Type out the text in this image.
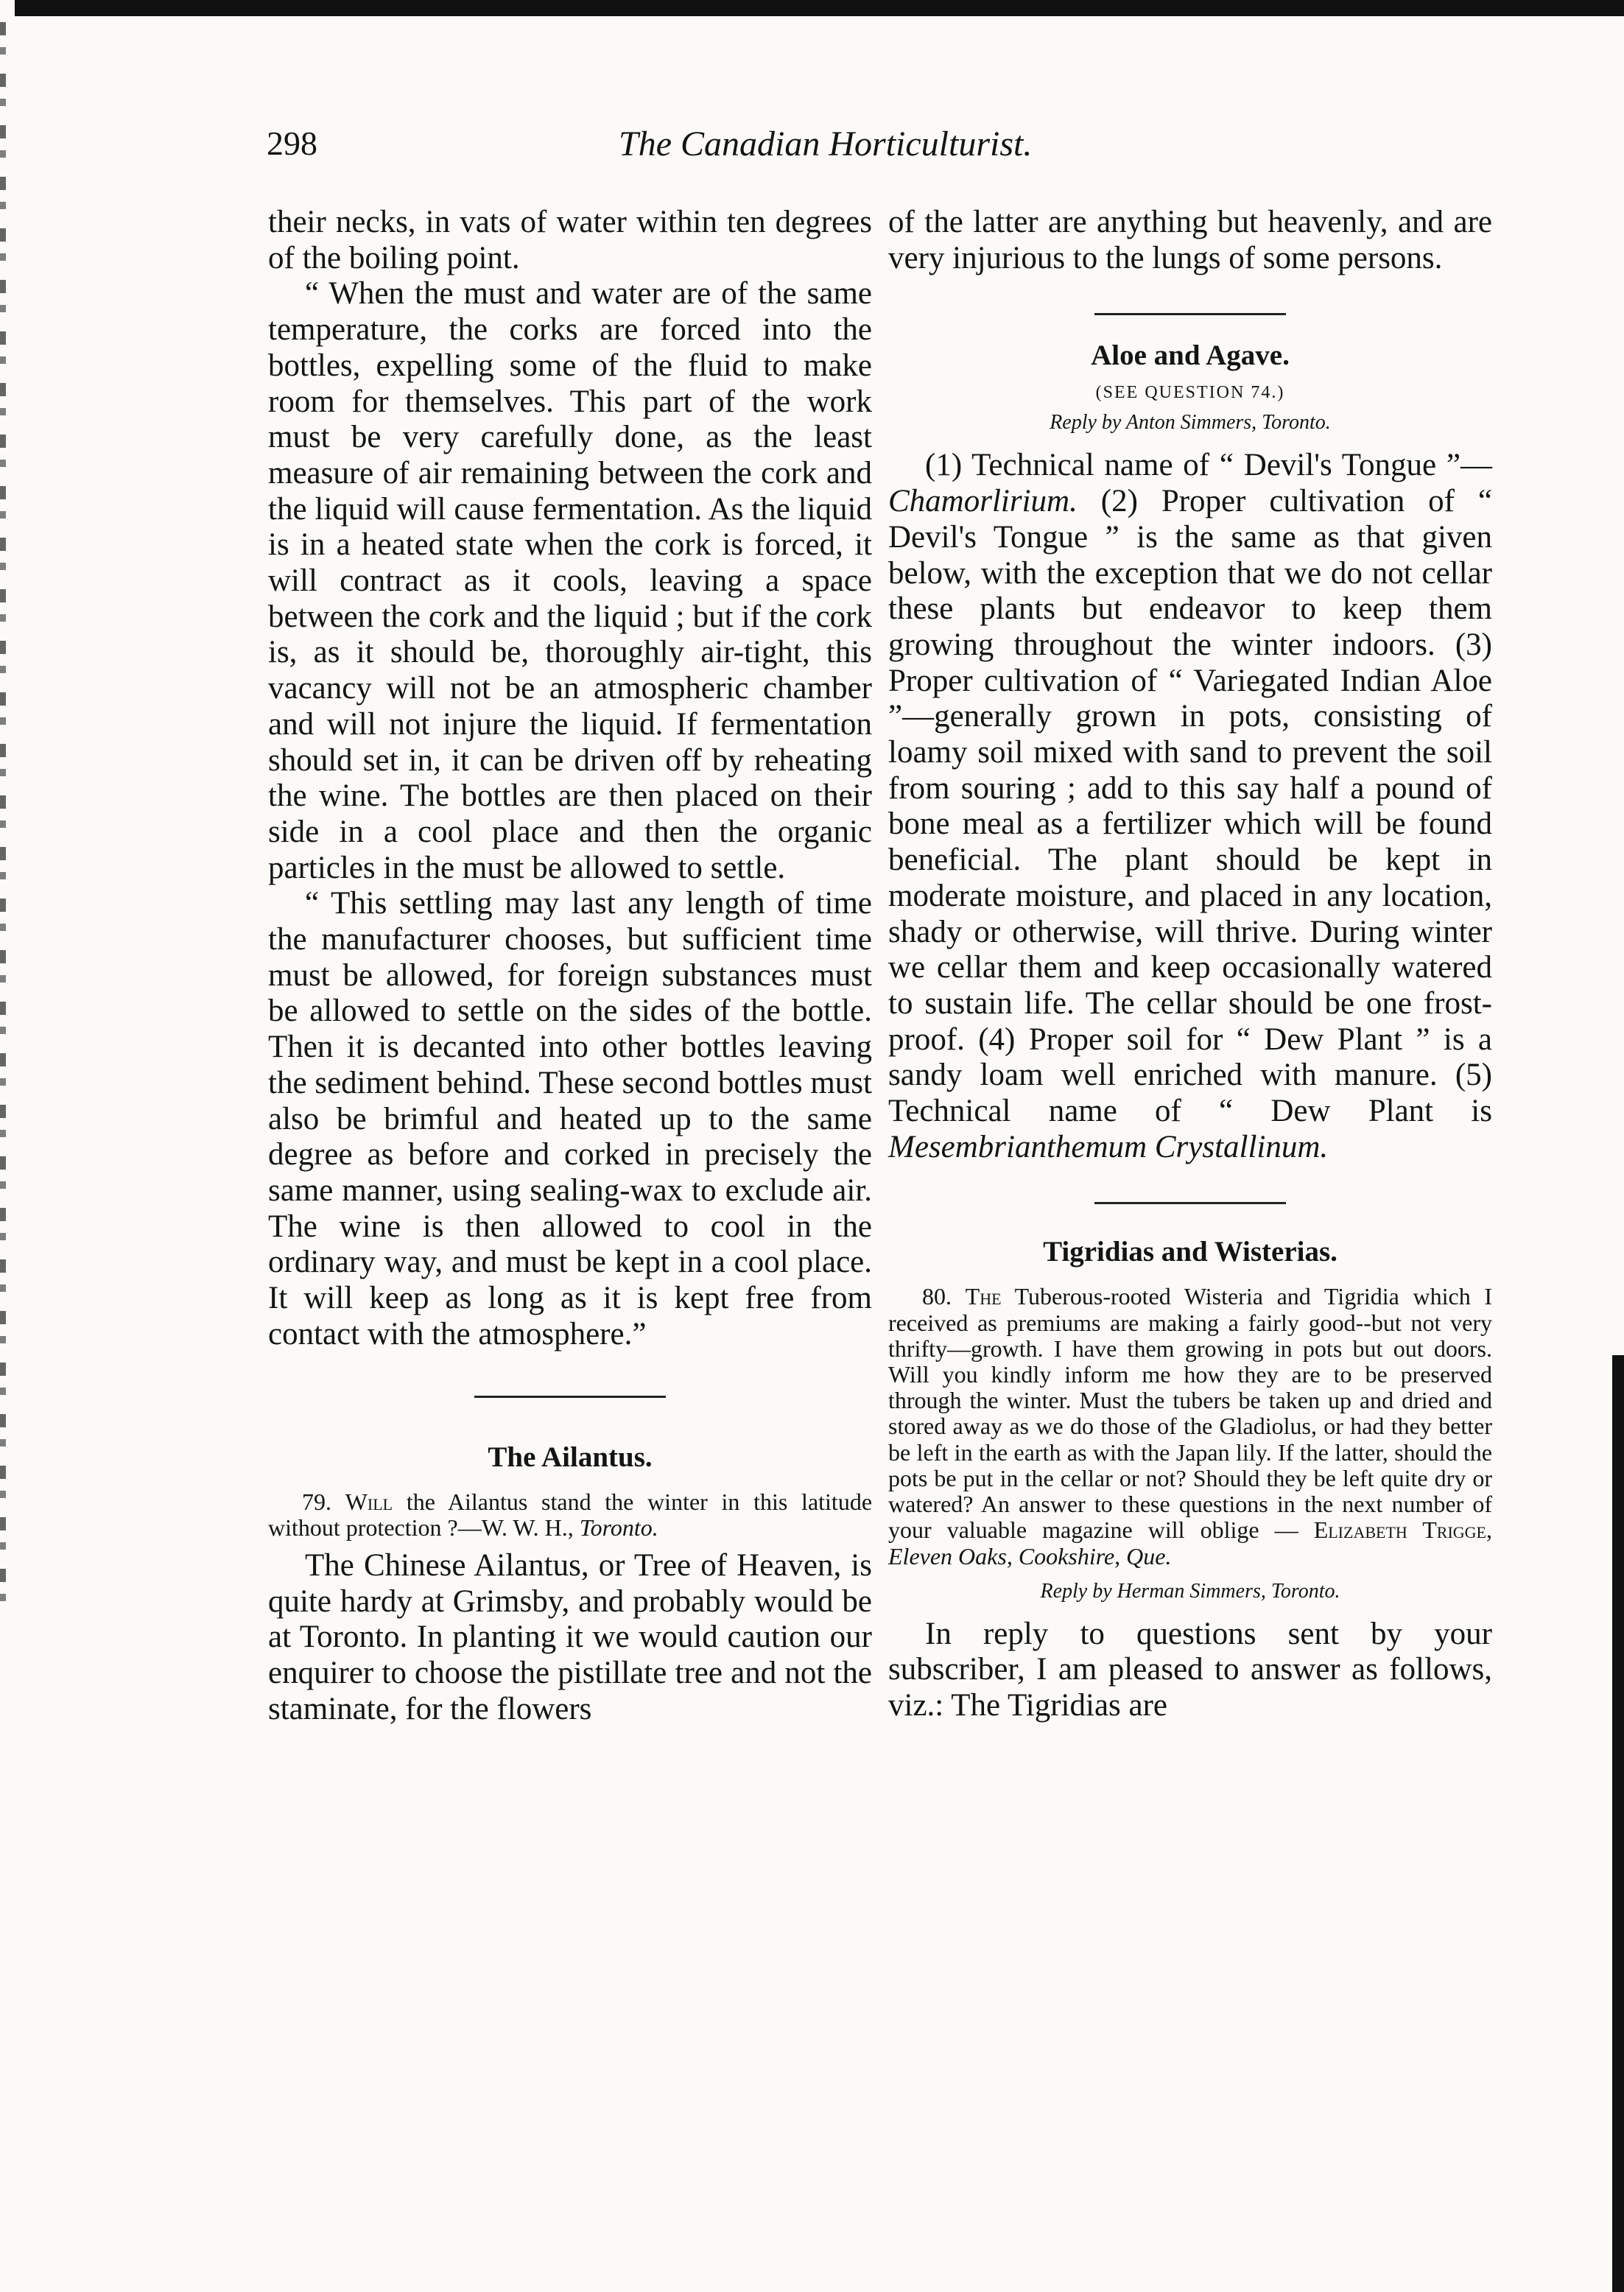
298	The Canadian Horticulturist.

their necks, in vats of water within ten degrees of the boiling point.

“ When the must and water are of the same temperature, the corks are forced into the bottles, expelling some of the fluid to make room for themselves. This part of the work must be very carefully done, as the least measure of air remaining between the cork and the liquid will cause fermentation. As the liquid is in a heated state when the cork is forced, it will contract as it cools, leaving a space between the cork and the liquid ; but if the cork is, as it should be, thoroughly air-tight, this vacancy will not be an atmospheric chamber and will not injure the liquid. If fermentation should set in, it can be driven off by reheating the wine. The bottles are then placed on their side in a cool place and then the organic particles in the must be allowed to settle.

“ This settling may last any length of time the manufacturer chooses, but sufficient time must be allowed, for foreign substances must be allowed to settle on the sides of the bottle. Then it is decanted into other bottles leaving the sediment behind. These second bottles must also be brimful and heated up to the same degree as before and corked in precisely the same manner, using sealing-wax to exclude air. The wine is then allowed to cool in the ordinary way, and must be kept in a cool place. It will keep as long as it is kept free from contact with the atmosphere.”

The Ailantus.

79. Will the Ailantus stand the winter in this latitude without protection ?—W. W. H., Toronto.

The Chinese Ailantus, or Tree of Heaven, is quite hardy at Grimsby, and probably would be at Toronto. In planting it we would caution our enquirer to choose the pistillate tree and not the staminate, for the flowers

of the latter are anything but heavenly, and are very injurious to the lungs of some persons.

Aloe and Agave.

(SEE QUESTION 74.)

Reply by Anton Simmers, Toronto.

(1) Technical name of “ Devil's Tongue ”—Chamorlirium. (2) Proper cultivation of “ Devil's Tongue ” is the same as that given below, with the exception that we do not cellar these plants but endeavor to keep them growing throughout the winter indoors. (3) Proper cultivation of “ Variegated Indian Aloe ”—generally grown in pots, consisting of loamy soil mixed with sand to prevent the soil from souring ; add to this say half a pound of bone meal as a fertilizer which will be found beneficial. The plant should be kept in moderate moisture, and placed in any location, shady or otherwise, will thrive. During winter we cellar them and keep occasionally watered to sustain life. The cellar should be one frost-proof. (4) Proper soil for “ Dew Plant ” is a sandy loam well enriched with manure. (5) Technical name of “ Dew Plant is Mesembrianthemum Crystallinum.

Tigridias and Wisterias.

80. The Tuberous-rooted Wisteria and Tigridia which I received as premiums are making a fairly good--but not very thrifty—growth. I have them growing in pots but out doors. Will you kindly inform me how they are to be preserved through the winter. Must the tubers be taken up and dried and stored away as we do those of the Gladiolus, or had they better be left in the earth as with the Japan lily. If the latter, should the pots be put in the cellar or not? Should they be left quite dry or watered? An answer to these questions in the next number of your valuable magazine will oblige — Elizabeth Trigge, Eleven Oaks, Cookshire, Que.

Reply by Herman Simmers, Toronto.

In reply to questions sent by your subscriber, I am pleased to answer as follows, viz.: The Tigridias are
